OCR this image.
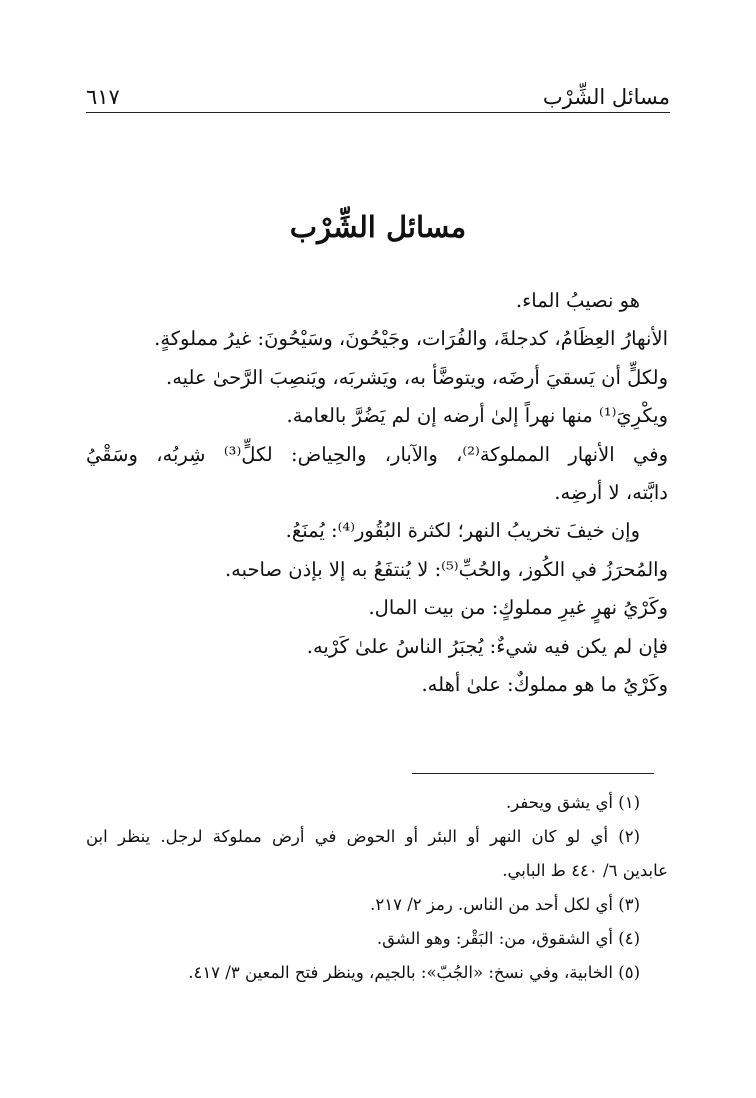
مسائل الشِّرْب
٦١٧
مسائل الشِّرْب
هو نصيبُ الماء.
الأنهارُ العِظَامُ، كدجلةَ، والفُرَات، وجَيْحُونَ، وسَيْحُونَ: غيرُ مملوكةٍ.
ولكلٍّ أن يَسقيَ أرضَه، ويتوضَّأ به، ويَشربَه، ويَنصِبَ الرَّحىٰ عليه.
ويكْرِيَ⁽¹⁾ منها نهراً إلىٰ أرضه إن لم يَضُرَّ بالعامة.
وفي الأنهار المملوكة⁽²⁾، والآبار، والحِياض: لكلٍّ⁽³⁾ شِربُه، وسَقْيُ
دابَّته، لا أرضِه.
وإن خيفَ تخريبُ النهر؛ لكثرة البُقُور⁽⁴⁾: يُمنَعُ.
والمُحرَزُ في الكُوز، والحُبِّ⁽⁵⁾: لا يُنتفَعُ به إلا بإذن صاحبه.
وكَرْيُ نهرٍ غيرِ مملوكٍ: من بيت المال.
فإن لم يكن فيه شيءٌ: يُجبَرُ الناسُ علىٰ كَرْيه.
وكَرْيُ ما هو مملوكٌ: علىٰ أهله.
(١) أي يشق ويحفر.
(٢) أي لو كان النهر أو البئر أو الحوض في أرض مملوكة لرجل. ينظر ابن
عابدين ٦/ ٤٤٠ ط البابي.
(٣) أي لكل أحد من الناس. رمز ٢/ ٢١٧.
(٤) أي الشقوق، من: البَقْر: وهو الشق.
(٥) الخابية، وفي نسخ: «الجُبّ»: بالجيم، وينظر فتح المعين ٣/ ٤١٧.
